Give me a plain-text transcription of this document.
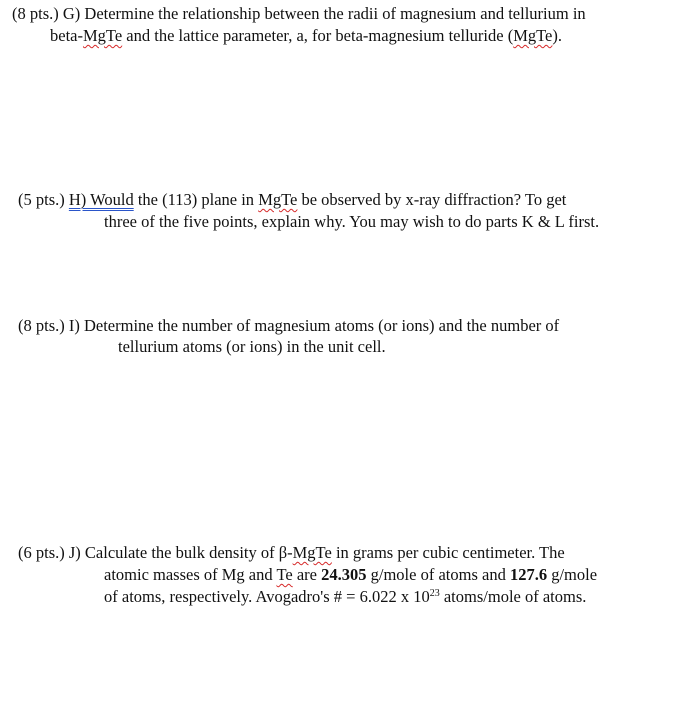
(8 pts.) G) Determine the relationship between the radii of magnesium and tellurium in
beta-MgTe and the lattice parameter, a, for beta-magnesium telluride (MgTe).
(5 pts.) H) Would the (113) plane in MgTe be observed by x-ray diffraction? To get
three of the five points, explain why. You may wish to do parts K & L first.
(8 pts.) I) Determine the number of magnesium atoms (or ions) and the number of
tellurium atoms (or ions) in the unit cell.
(6 pts.) J) Calculate the bulk density of β-MgTe in grams per cubic centimeter. The
atomic masses of Mg and Te are 24.305 g/mole of atoms and 127.6 g/mole
of atoms, respectively. Avogadro's # = 6.022 x $10^{23}$ atoms/mole of atoms.
